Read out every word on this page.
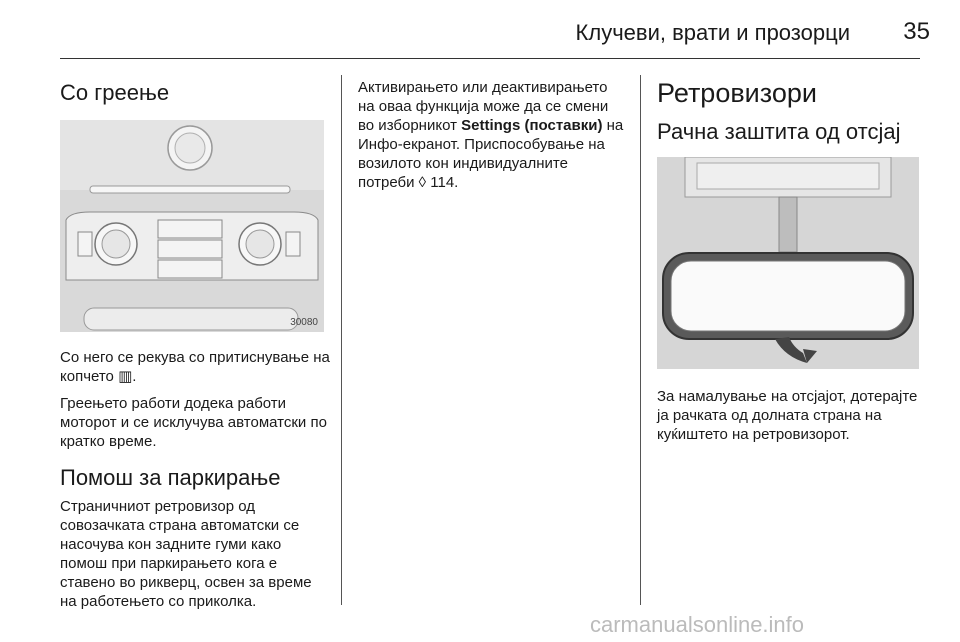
Клучеви, врати и прозорци	35
Со греење
30080

Со него се рекува со притиснување на копчето ▥.

Греењето работи додека работи моторот и се исклучува автоматски по кратко време.

Помош за паркирање

Страничниот ретровизор од совозачката страна автоматски се насочува кон задните гуми како помош при паркирањето кога е ставено во рикверц, освен за време на работењето со приколка.

Активирањето или деактивирањето на оваа функција може да се смени во изборникот Settings (поставки) на Инфо-екранот. Приспособување на возилото кон индивидуалните потреби ◊ 114.

Ретровизори
Рачна заштита од отсјај

За намалување на отсјајот, дотерајте ја рачката од долната страна на куќиштето на ретровизорот.

carmanualsonline.info
